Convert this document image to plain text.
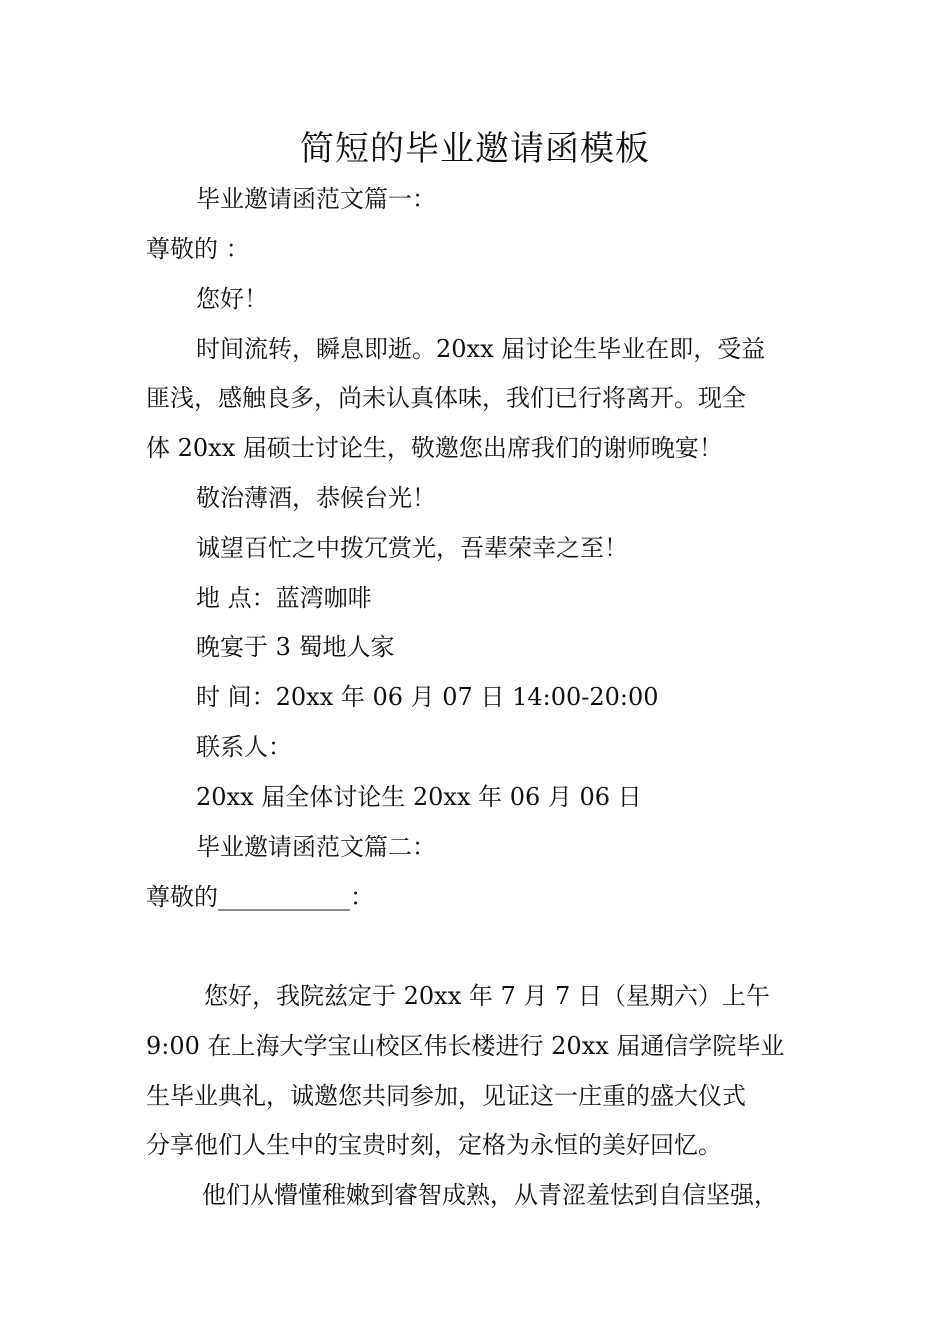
简短的毕业邀请函模板
毕业邀请函范文篇一：
尊敬的 ：
您好！
时间流转，瞬息即逝。20xx 届讨论生毕业在即，受益
匪浅，感触良多，尚未认真体味，我们已行将离开。现全
体 20xx 届硕士讨论生，敬邀您出席我们的谢师晚宴！
敬治薄酒，恭候台光！
诚望百忙之中拨冗赏光，吾辈荣幸之至！
地 点：蓝湾咖啡
晚宴于 3 蜀地人家
时 间：20xx 年 06 月 07 日 14:00-20:00
联系人：
20xx 届全体讨论生 20xx 年 06 月 06 日
毕业邀请函范文篇二：
尊敬的___________：
您好，我院兹定于 20xx 年 7 月 7 日（星期六）上午
9:00 在上海大学宝山校区伟长楼进行 20xx 届通信学院毕业
生毕业典礼，诚邀您共同参加，见证这一庄重的盛大仪式
分享他们人生中的宝贵时刻，定格为永恒的美好回忆。
他们从懵懂稚嫩到睿智成熟，从青涩羞怯到自信坚强，
